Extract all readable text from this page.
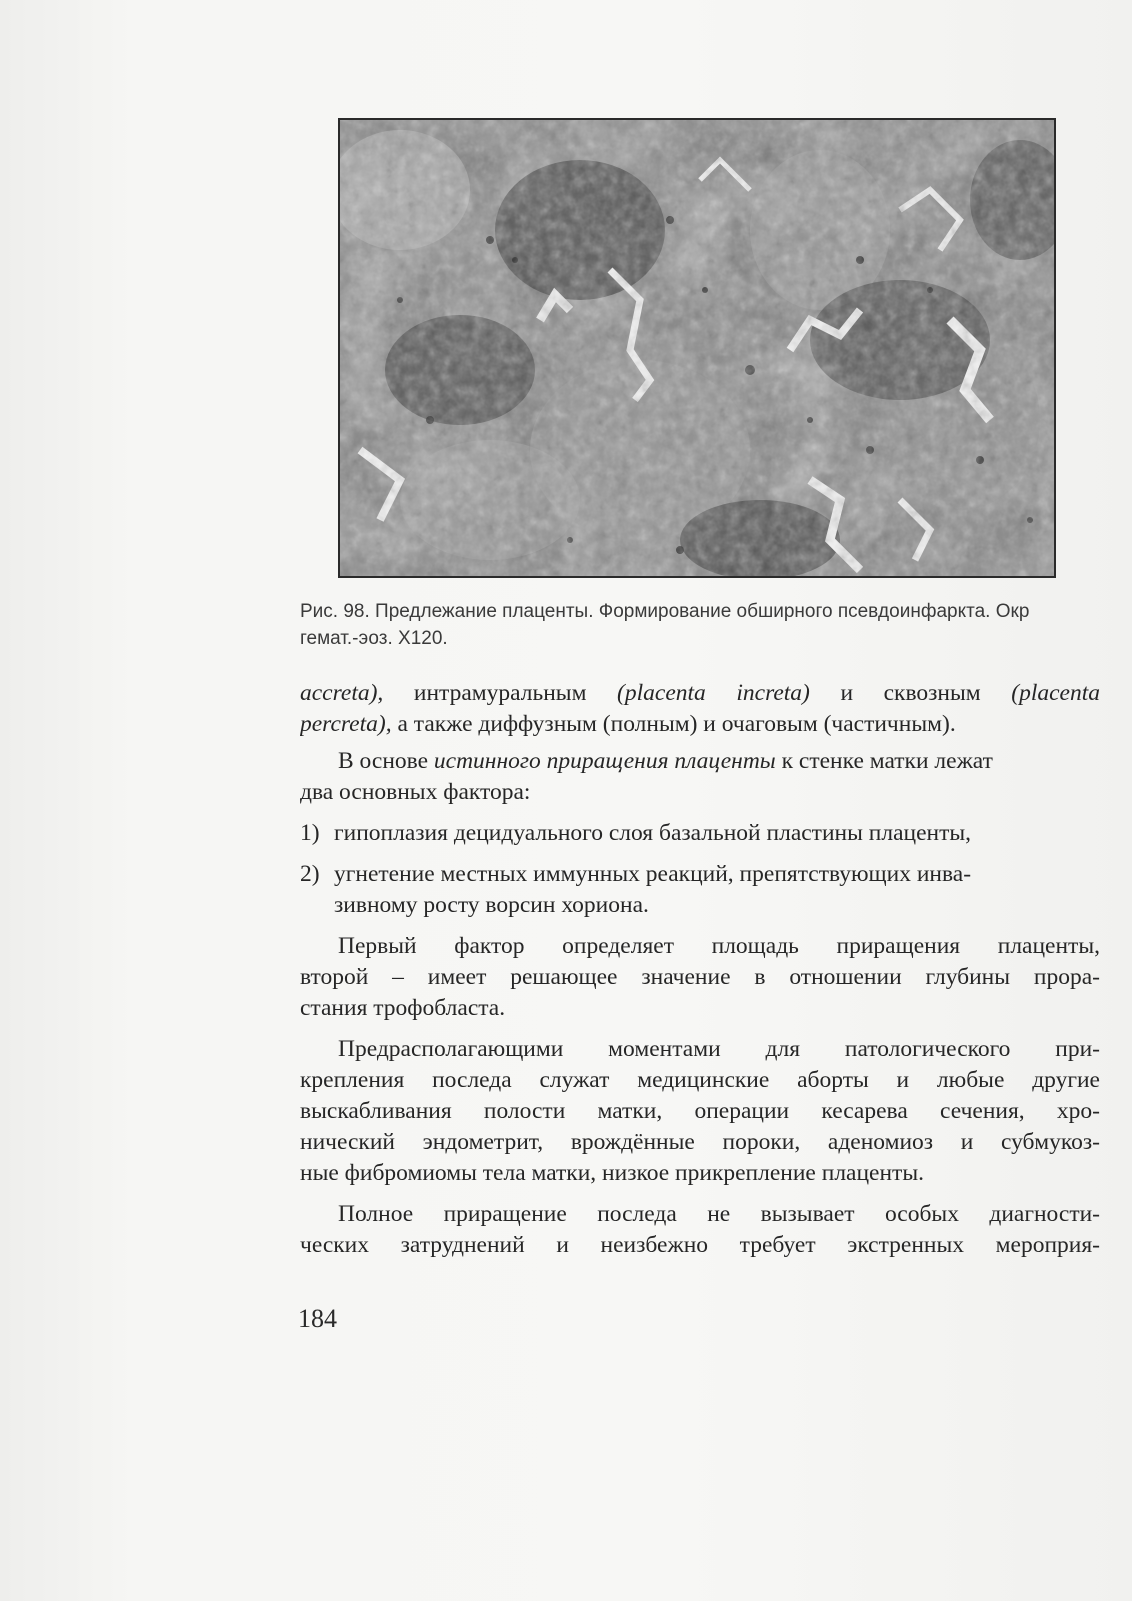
Рис. 98. Предлежание плаценты. Формирование обширного псевдоинфаркта. Окр
гемат.-эоз. X120.
accreta), интрамуральным (placenta increta) и сквозным (placenta
percreta), а также диффузным (полным) и очаговым (частичным).
В основе истинного приращения плаценты к стенке матки лежат
два основных фактора:
1) гипоплазия децидуального слоя базальной пластины плаценты,
2) угнетение местных иммунных реакций, препятствующих инва-
зивному росту ворсин хориона.
Первый фактор определяет площадь приращения плаценты,
второй – имеет решающее значение в отношении глубины прора-
стания трофобласта.
Предрасполагающими моментами для патологического при-
крепления последа служат медицинские аборты и любые другие
выскабливания полости матки, операции кесарева сечения, хро-
нический эндометрит, врождённые пороки, аденомиоз и субмукоз-
ные фибромиомы тела матки, низкое прикрепление плаценты.
Полное приращение последа не вызывает особых диагности-
ческих затруднений и неизбежно требует экстренных мероприя-
184
